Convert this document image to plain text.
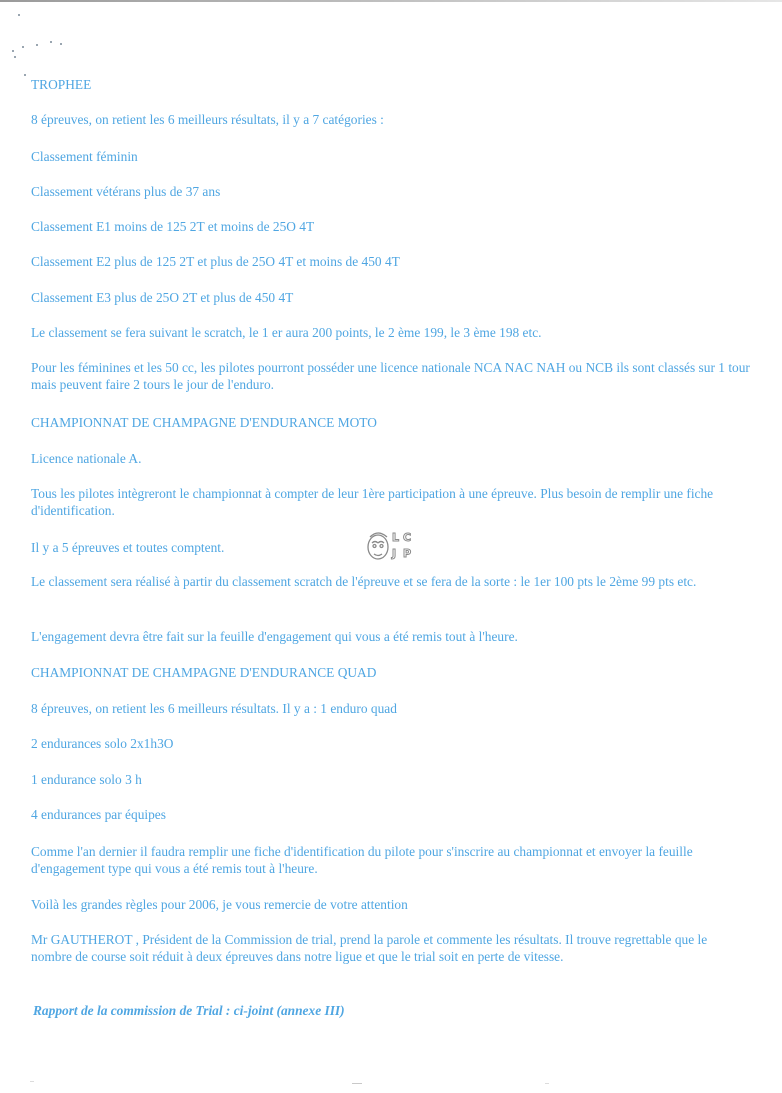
TROPHEE

8 épreuves, on retient les 6 meilleurs résultats, il y a 7 catégories :

Classement féminin

Classement vétérans plus de 37 ans

Classement E1 moins de 125 2T et moins de 25O 4T

Classement E2 plus de 125 2T et plus de 25O 4T et moins de 450 4T

Classement E3 plus de 25O 2T et plus de 450 4T

Le classement se fera suivant le scratch, le 1 er aura 200 points, le 2 ème 199, le 3 ème 198 etc.

Pour les féminines et les 50 cc, les pilotes pourront posséder une licence nationale NCA NAC NAH ou NCB ils sont classés sur 1 tour mais peuvent faire 2 tours le jour de l'enduro.

CHAMPIONNAT DE CHAMPAGNE D'ENDURANCE MOTO

Licence nationale A.

Tous les pilotes intègreront le championnat à compter de leur 1ère participation à une épreuve. Plus besoin de remplir une fiche d'identification.

Il y a 5 épreuves et toutes comptent.

Le classement sera réalisé à partir du classement scratch de l'épreuve et se fera de la sorte : le 1er 100 pts le 2ème 99 pts etc.

L'engagement devra être fait sur la feuille d'engagement qui vous a été remis tout à l'heure.

CHAMPIONNAT DE CHAMPAGNE D'ENDURANCE QUAD

8 épreuves, on retient les 6 meilleurs résultats. Il y a : 1 enduro quad

2 endurances solo 2x1h3O

1 endurance solo 3 h

4 endurances par équipes

Comme l'an dernier il faudra remplir une fiche d'identification du pilote pour s'inscrire au championnat et envoyer la feuille d'engagement type qui vous a été remis tout à l'heure.

Voilà les grandes règles pour 2006, je vous remercie de votre attention

Mr GAUTHEROT , Président de la Commission de trial, prend la parole et commente les résultats. Il trouve regrettable que le nombre de course soit réduit à deux épreuves dans notre ligue et que le trial soit en perte de vitesse.

Rapport de la commission de Trial : ci-joint (annexe III)

L C
J P
